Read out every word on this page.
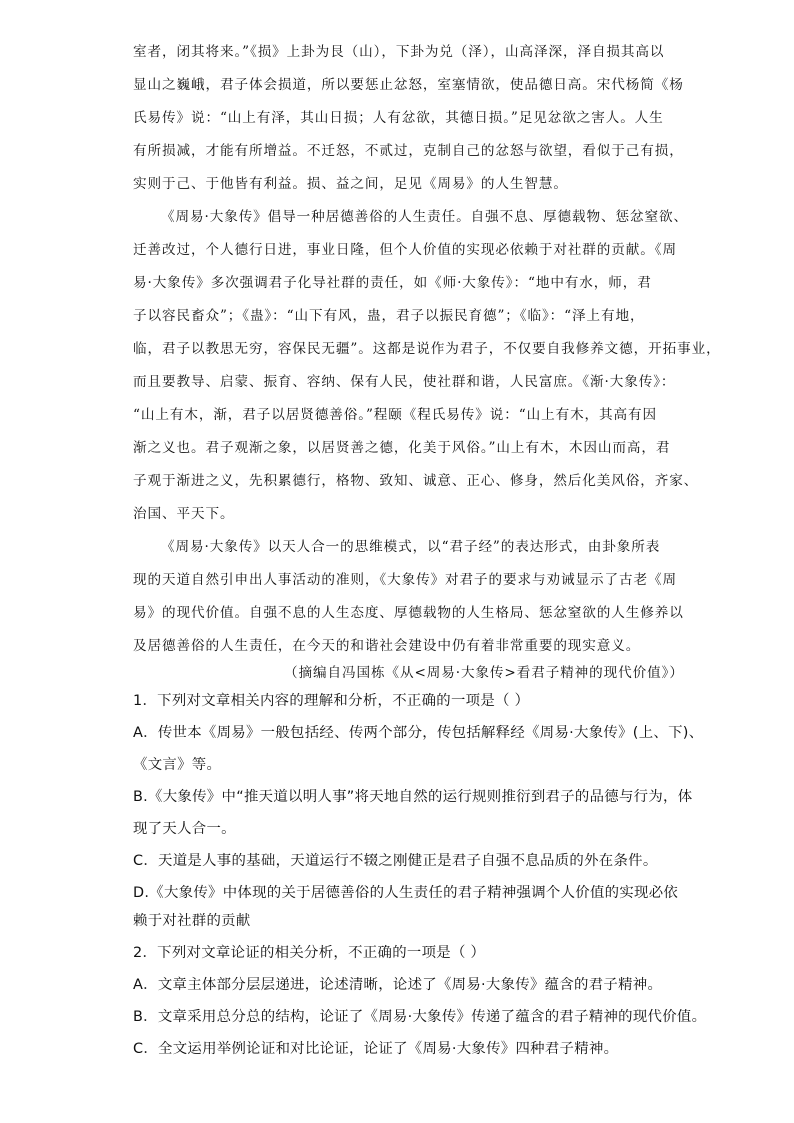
室者，闭其将来。”《损》上卦为艮（山），下卦为兑（泽），山高泽深，泽自损其高以
显山之巍峨，君子体会损道，所以要惩止忿怒，室塞情欲，使品德日高。宋代杨简《杨
氏易传》说：“山上有泽，其山日损；人有忿欲，其德日损。”足见忿欲之害人。人生
有所损减，才能有所增益。不迁怒，不贰过，克制自己的忿怒与欲望，看似于己有损，
实则于己、于他皆有利益。损、益之间，足见《周易》的人生智慧。
《周易·大象传》倡导一种居德善俗的人生责任。自强不息、厚德载物、惩忿窒欲、
迁善改过，个人德行日进，事业日隆，但个人价值的实现必依赖于对社群的贡献。《周
易·大象传》多次强调君子化导社群的责任，如《师·大象传》：“地中有水，师，君
子以容民畜众”；《蛊》：“山下有风，蛊，君子以振民育德”；《临》：“泽上有地，
临，君子以教思无穷，容保民无疆”。这都是说作为君子，不仅要自我修养文德，开拓事业，
而且要教导、启蒙、振育、容纳、保有人民，使社群和谐，人民富庶。《渐·大象传》：
“山上有木，渐，君子以居贤德善俗。”程颐《程氏易传》说：“山上有木，其高有因
渐之义也。君子观渐之象，以居贤善之德，化美于风俗。”山上有木，木因山而高，君
子观于渐进之义，先积累德行，格物、致知、诚意、正心、修身，然后化美风俗，齐家、
治国、平天下。
《周易·大象传》以天人合一的思维模式，以“君子经”的表达形式，由卦象所表
现的天道自然引申出人事活动的准则，《大象传》对君子的要求与劝诫显示了古老《周
易》的现代价值。自强不息的人生态度、厚德载物的人生格局、惩忿窒欲的人生修养以
及居德善俗的人生责任，在今天的和谐社会建设中仍有着非常重要的现实意义。
（摘编自冯国栋《从<周易·大象传>看君子精神的现代价值》）
1．下列对文章相关内容的理解和分析，不正确的一项是（ ）
A．传世本《周易》一般包括经、传两个部分，传包括解释经《周易·大象传》(上、下)、
《文言》等。
B.《大象传》中“推天道以明人事”将天地自然的运行规则推衍到君子的品德与行为，体
现了天人合一。
C．天道是人事的基础，天道运行不辍之刚健正是君子自强不息品质的外在条件。
D.《大象传》中体现的关于居德善俗的人生责任的君子精神强调个人价值的实现必依
赖于对社群的贡献
2．下列对文章论证的相关分析，不正确的一项是（ ）
A．文章主体部分层层递进，论述清晰，论述了《周易·大象传》蕴含的君子精神。
B．文章采用总分总的结构，论证了《周易·大象传》传递了蕴含的君子精神的现代价值。
C．全文运用举例论证和对比论证，论证了《周易·大象传》四种君子精神。
